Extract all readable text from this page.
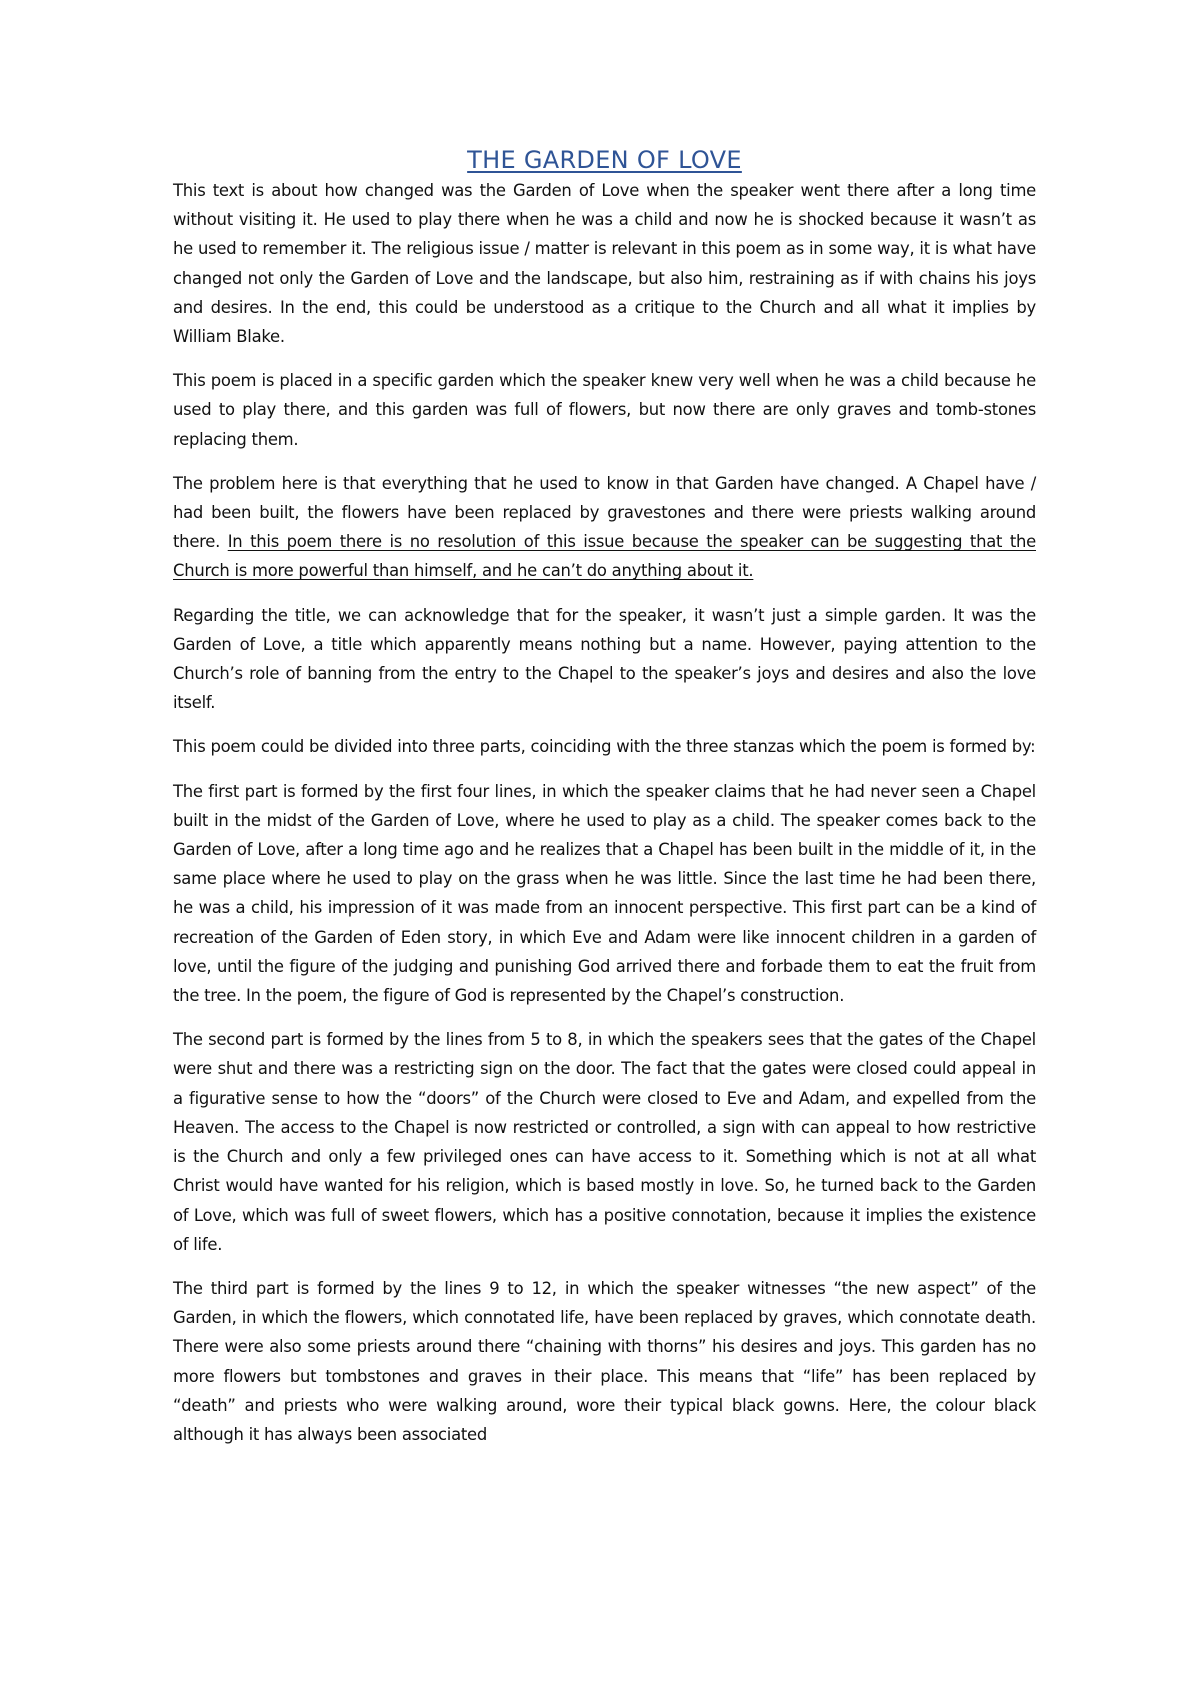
THE GARDEN OF LOVE

This text is about how changed was the Garden of Love when the speaker went there after a long time without visiting it. He used to play there when he was a child and now he is shocked because it wasn’t as he used to remember it. The religious issue / matter is relevant in this poem as in some way, it is what have changed not only the Garden of Love and the landscape, but also him, restraining as if with chains his joys and desires. In the end, this could be understood as a critique to the Church and all what it implies by William Blake.

This poem is placed in a specific garden which the speaker knew very well when he was a child because he used to play there, and this garden was full of flowers, but now there are only graves and tomb-stones replacing them.

The problem here is that everything that he used to know in that Garden have changed. A Chapel have / had been built, the flowers have been replaced by gravestones and there were priests walking around there. In this poem there is no resolution of this issue because the speaker can be suggesting that the Church is more powerful than himself, and he can’t do anything about it.

Regarding the title, we can acknowledge that for the speaker, it wasn’t just a simple garden. It was the Garden of Love, a title which apparently means nothing but a name. However, paying attention to the Church’s role of banning from the entry to the Chapel to the speaker’s joys and desires and also the love itself.

This poem could be divided into three parts, coinciding with the three stanzas which the poem is formed by:

The first part is formed by the first four lines, in which the speaker claims that he had never seen a Chapel built in the midst of the Garden of Love, where he used to play as a child. The speaker comes back to the Garden of Love, after a long time ago and he realizes that a Chapel has been built in the middle of it, in the same place where he used to play on the grass when he was little. Since the last time he had been there, he was a child, his impression of it was made from an innocent perspective. This first part can be a kind of recreation of the Garden of Eden story, in which Eve and Adam were like innocent children in a garden of love, until the figure of the judging and punishing God arrived there and forbade them to eat the fruit from the tree. In the poem, the figure of God is represented by the Chapel’s construction.

The second part is formed by the lines from 5 to 8, in which the speakers sees that the gates of the Chapel were shut and there was a restricting sign on the door. The fact that the gates were closed could appeal in a figurative sense to how the “doors” of the Church were closed to Eve and Adam, and expelled from the Heaven. The access to the Chapel is now restricted or controlled, a sign with can appeal to how restrictive is the Church and only a few privileged ones can have access to it. Something which is not at all what Christ would have wanted for his religion, which is based mostly in love. So, he turned back to the Garden of Love, which was full of sweet flowers, which has a positive connotation, because it implies the existence of life.

The third part is formed by the lines 9 to 12, in which the speaker witnesses “the new aspect” of the Garden, in which the flowers, which connotated life, have been replaced by graves, which connotate death. There were also some priests around there “chaining with thorns” his desires and joys. This garden has no more flowers but tombstones and graves in their place. This means that “life” has been replaced by “death” and priests who were walking around, wore their typical black gowns. Here, the colour black although it has always been associated
